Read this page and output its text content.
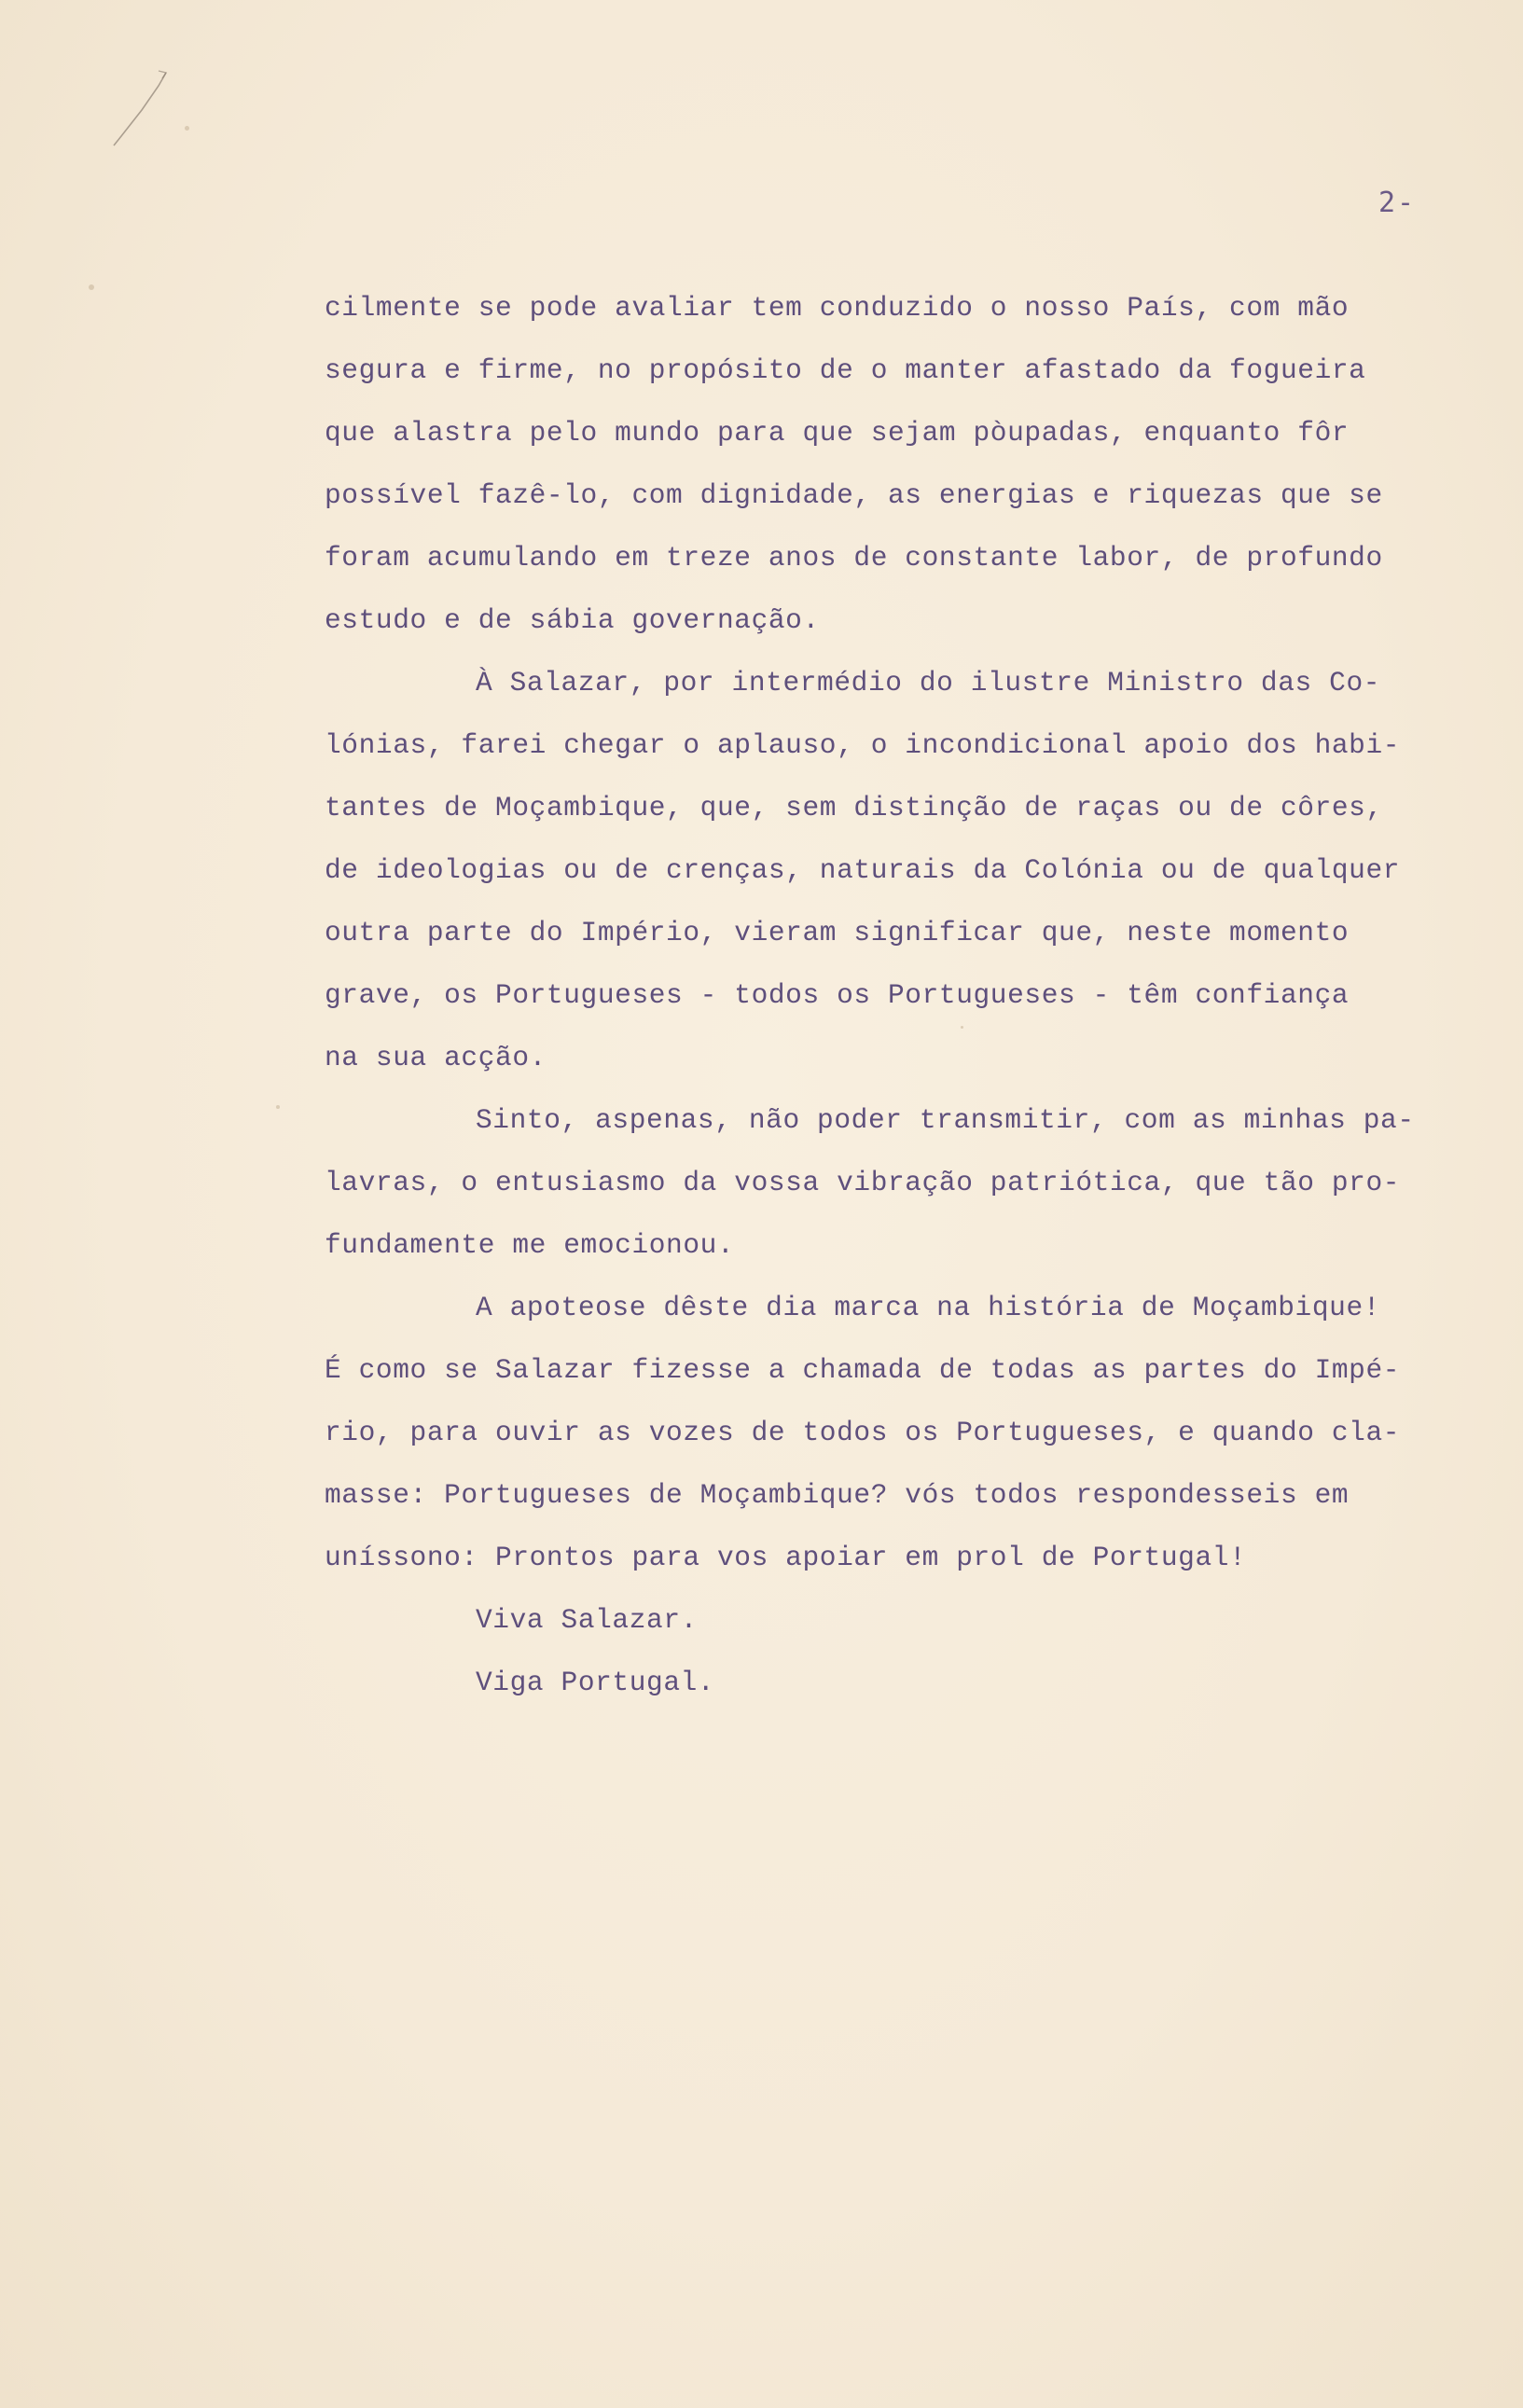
2-
cilmente se pode avaliar tem conduzido o nosso País, com mão
segura e firme, no propósito de o manter afastado da fogueira
que alastra pelo mundo para que sejam pòupadas, enquanto fôr
possível fazê-lo, com dignidade, as energias e riquezas que se
foram acumulando em treze anos de constante labor, de profundo
estudo e de sábia governação.
À Salazar, por intermédio do ilustre Ministro das Co-
lónias, farei chegar o aplauso, o incondicional apoio dos habi-
tantes de Moçambique, que, sem distinção de raças ou de côres,
de ideologias ou de crenças, naturais da Colónia ou de qualquer
outra parte do Império, vieram significar que, neste momento
grave, os Portugueses - todos os Portugueses - têm confiança
na sua acção.
Sinto, aspenas, não poder transmitir, com as minhas pa-
lavras, o entusiasmo da vossa vibração patriótica, que tão pro-
fundamente me emocionou.
A apoteose dêste dia marca na história de Moçambique!
É como se Salazar fizesse a chamada de todas as partes do Impé-
rio, para ouvir as vozes de todos os Portugueses, e quando cla-
masse: Portugueses de Moçambique? vós todos respondesseis em
uníssono: Prontos para vos apoiar em prol de Portugal!
Viva Salazar.
Viga Portugal.
